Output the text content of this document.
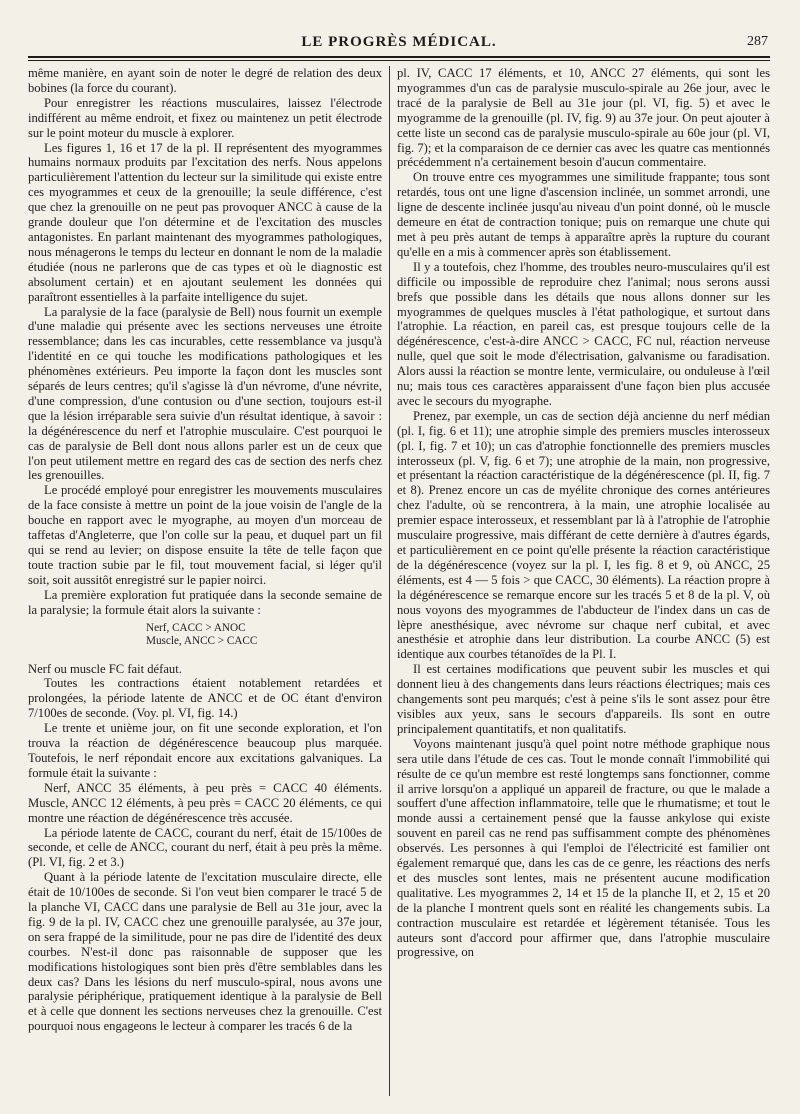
LE PROGRÈS MÉDICAL.	287

même manière, en ayant soin de noter le degré de relation des deux bobines (la force du courant).

Pour enregistrer les réactions musculaires, laissez l'électrode indifférent au même endroit, et fixez ou maintenez un petit électrode sur le point moteur du muscle à explorer.

Les figures 1, 16 et 17 de la pl. II représentent des myogrammes humains normaux produits par l'excitation des nerfs. Nous appelons particulièrement l'attention du lecteur sur la similitude qui existe entre ces myogrammes et ceux de la grenouille; la seule différence, c'est que chez la grenouille on ne peut pas provoquer ANCC à cause de la grande douleur que l'on détermine et de l'excitation des muscles antagonistes. En parlant maintenant des myogrammes pathologiques, nous ménagerons le temps du lecteur en donnant le nom de la maladie étudiée (nous ne parlerons que de cas types et où le diagnostic est absolument certain) et en ajoutant seulement les données qui paraîtront essentielles à la parfaite intelligence du sujet.

La paralysie de la face (paralysie de Bell) nous fournit un exemple d'une maladie qui présente avec les sections nerveuses une étroite ressemblance; dans les cas incurables, cette ressemblance va jusqu'à l'identité en ce qui touche les modifications pathologiques et les phénomènes extérieurs. Peu importe la façon dont les muscles sont séparés de leurs centres; qu'il s'agisse là d'un névrome, d'une névrite, d'une compression, d'une contusion ou d'une section, toujours est-il que la lésion irréparable sera suivie d'un résultat identique, à savoir : la dégénérescence du nerf et l'atrophie musculaire. C'est pourquoi le cas de paralysie de Bell dont nous allons parler est un de ceux que l'on peut utilement mettre en regard des cas de section des nerfs chez les grenouilles.

Le procédé employé pour enregistrer les mouvements musculaires de la face consiste à mettre un point de la joue voisin de l'angle de la bouche en rapport avec le myographe, au moyen d'un morceau de taffetas d'Angleterre, que l'on colle sur la peau, et duquel part un fil qui se rend au levier; on dispose ensuite la tête de telle façon que toute traction subie par le fil, tout mouvement facial, si léger qu'il soit, soit aussitôt enregistré sur le papier noirci.

La première exploration fut pratiquée dans la seconde semaine de la paralysie; la formule était alors la suivante :

Nerf, CACC > ANOC
Muscle, ANCC > CACC

Nerf ou muscle FC fait défaut.

Toutes les contractions étaient notablement retardées et prolongées, la période latente de ANCC et de OC étant d'environ 7/100es de seconde. (Voy. pl. VI, fig. 14.)

Le trente et unième jour, on fit une seconde exploration, et l'on trouva la réaction de dégénérescence beaucoup plus marquée. Toutefois, le nerf répondait encore aux excitations galvaniques. La formule était la suivante :

Nerf, ANCC 35 éléments, à peu près = CACC 40 éléments. Muscle, ANCC 12 éléments, à peu près = CACC 20 éléments, ce qui montre une réaction de dégénérescence très accusée.

La période latente de CACC, courant du nerf, était de 15/100es de seconde, et celle de ANCC, courant du nerf, était à peu près la même. (Pl. VI, fig. 2 et 3.)

Quant à la période latente de l'excitation musculaire directe, elle était de 10/100es de seconde. Si l'on veut bien comparer le tracé 5 de la planche VI, CACC dans une paralysie de Bell au 31e jour, avec la fig. 9 de la pl. IV, CACC chez une grenouille paralysée, au 37e jour, on sera frappé de la similitude, pour ne pas dire de l'identité des deux courbes. N'est-il donc pas raisonnable de supposer que les modifications histologiques sont bien près d'être semblables dans les deux cas? Dans les lésions du nerf musculo-spiral, nous avons une paralysie périphérique, pratiquement identique à la paralysie de Bell et à celle que donnent les sections nerveuses chez la grenouille. C'est pourquoi nous engageons le lecteur à comparer les tracés 6 de la

pl. IV, CACC 17 éléments, et 10, ANCC 27 éléments, qui sont les myogrammes d'un cas de paralysie musculo-spirale au 26e jour, avec le tracé de la paralysie de Bell au 31e jour (pl. VI, fig. 5) et avec le myogramme de la grenouille (pl. IV, fig. 9) au 37e jour. On peut ajouter à cette liste un second cas de paralysie musculo-spirale au 60e jour (pl. VI, fig. 7); et la comparaison de ce dernier cas avec les quatre cas mentionnés précédemment n'a certainement besoin d'aucun commentaire.

On trouve entre ces myogrammes une similitude frappante; tous sont retardés, tous ont une ligne d'ascension inclinée, un sommet arrondi, une ligne de descente inclinée jusqu'au niveau d'un point donné, où le muscle demeure en état de contraction tonique; puis on remarque une chute qui met à peu près autant de temps à apparaître après la rupture du courant qu'elle en a mis à commencer après son établissement.

Il y a toutefois, chez l'homme, des troubles neuro-musculaires qu'il est difficile ou impossible de reproduire chez l'animal; nous serons aussi brefs que possible dans les détails que nous allons donner sur les myogrammes de quelques muscles à l'état pathologique, et surtout dans l'atrophie. La réaction, en pareil cas, est presque toujours celle de la dégénérescence, c'est-à-dire ANCC > CACC, FC nul, réaction nerveuse nulle, quel que soit le mode d'électrisation, galvanisme ou faradisation. Alors aussi la réaction se montre lente, vermiculaire, ou onduleuse à l'œil nu; mais tous ces caractères apparaissent d'une façon bien plus accusée avec le secours du myographe.

Prenez, par exemple, un cas de section déjà ancienne du nerf médian (pl. I, fig. 6 et 11); une atrophie simple des premiers muscles interosseux (pl. I, fig. 7 et 10); un cas d'atrophie fonctionnelle des premiers muscles interosseux (pl. V, fig. 6 et 7); une atrophie de la main, non progressive, et présentant la réaction caractéristique de la dégénérescence (pl. II, fig. 7 et 8). Prenez encore un cas de myélite chronique des cornes antérieures chez l'adulte, où se rencontrera, à la main, une atrophie localisée au premier espace interosseux, et ressemblant par là à l'atrophie de l'atrophie musculaire progressive, mais différant de cette dernière à d'autres égards, et particulièrement en ce point qu'elle présente la réaction caractéristique de la dégénérescence (voyez sur la pl. I, les fig. 8 et 9, où ANCC, 25 éléments, est 4 — 5 fois > que CACC, 30 éléments). La réaction propre à la dégénérescence se remarque encore sur les tracés 5 et 8 de la pl. V, où nous voyons des myogrammes de l'abducteur de l'index dans un cas de lèpre anesthésique, avec névrome sur chaque nerf cubital, et avec anesthésie et atrophie dans leur distribution. La courbe ANCC (5) est identique aux courbes tétanoïdes de la Pl. I.

Il est certaines modifications que peuvent subir les muscles et qui donnent lieu à des changements dans leurs réactions électriques; mais ces changements sont peu marqués; c'est à peine s'ils le sont assez pour être visibles aux yeux, sans le secours d'appareils. Ils sont en outre principalement quantitatifs, et non qualitatifs.

Voyons maintenant jusqu'à quel point notre méthode graphique nous sera utile dans l'étude de ces cas. Tout le monde connaît l'immobilité qui résulte de ce qu'un membre est resté longtemps sans fonctionner, comme il arrive lorsqu'on a appliqué un appareil de fracture, ou que le malade a souffert d'une affection inflammatoire, telle que le rhumatisme; et tout le monde aussi a certainement pensé que la fausse ankylose qui existe souvent en pareil cas ne rend pas suffisamment compte des phénomènes observés. Les personnes à qui l'emploi de l'électricité est familier ont également remarqué que, dans les cas de ce genre, les réactions des nerfs et des muscles sont lentes, mais ne présentent aucune modification qualitative. Les myogrammes 2, 14 et 15 de la planche II, et 2, 15 et 20 de la planche I montrent quels sont en réalité les changements subis. La contraction musculaire est retardée et légèrement tétanisée. Tous les auteurs sont d'accord pour affirmer que, dans l'atrophie musculaire progressive, on
